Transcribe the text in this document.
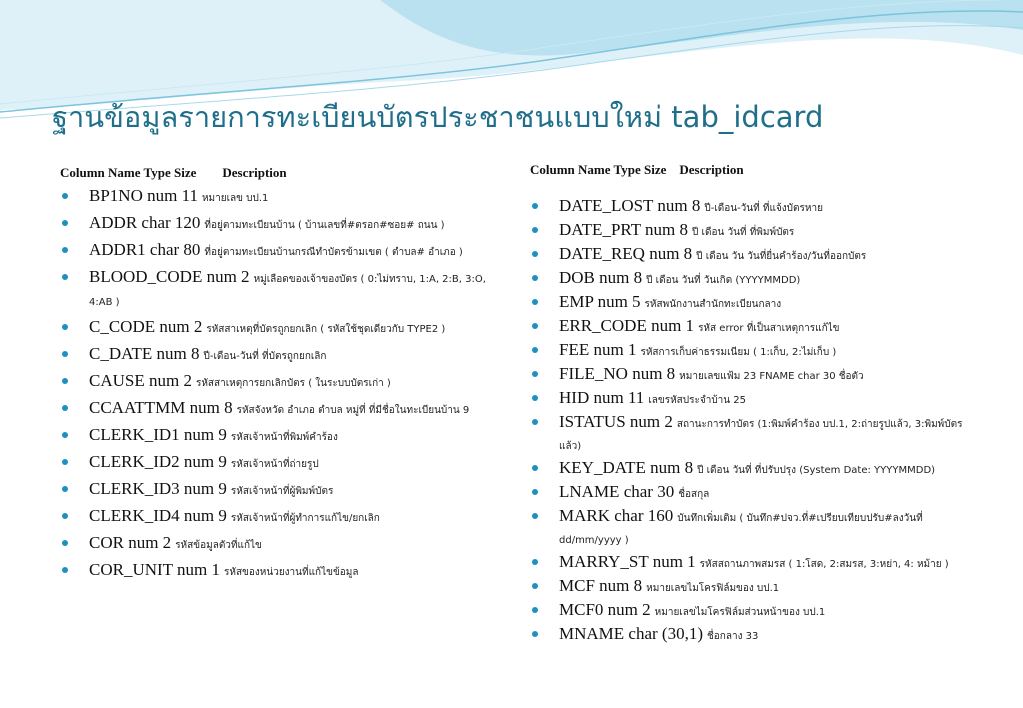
ฐานข้อมูลรายการทะเบียนบัตรประชาชนแบบใหม่ tab_idcard
Column Name Type Size        Description
BP1NO num 11 หมายเลข บป.1
ADDR char 120 ที่อยู่ตามทะเบียนบ้าน ( บ้านเลขที่#ตรอก#ซอย# ถนน )
ADDR1 char 80 ที่อยู่ตามทะเบียนบ้านกรณีทำบัตรข้ามเขต ( ตำบล# อำเภอ )
BLOOD_CODE num 2 หมู่เลือดของเจ้าของบัตร ( 0:ไม่ทราบ, 1:A, 2:B, 3:O, 4:AB )
C_CODE num 2 รหัสสาเหตุที่บัตรถูกยกเลิก ( รหัสใช้ชุดเดียวกับ TYPE2 )
C_DATE num 8 ปี-เดือน-วันที่ ที่บัตรถูกยกเลิก
CAUSE num 2 รหัสสาเหตุการยกเลิกบัตร ( ในระบบบัตรเก่า )
CCAATTMM num 8 รหัสจังหวัด อำเภอ ตำบล หมู่ที่ ที่มีชื่อในทะเบียนบ้าน 9
CLERK_ID1 num 9 รหัสเจ้าหน้าที่พิมพ์คำร้อง
CLERK_ID2 num 9 รหัสเจ้าหน้าที่ถ่ายรูป
CLERK_ID3 num 9 รหัสเจ้าหน้าที่ผู้พิมพ์บัตร
CLERK_ID4 num 9 รหัสเจ้าหน้าที่ผู้ทำการแก้ไข/ยกเลิก
COR num 2 รหัสข้อมูลตัวที่แก้ไข
COR_UNIT num 1 รหัสของหน่วยงานที่แก้ไขข้อมูล
Column Name Type Size    Description
DATE_LOST num 8 ปี-เดือน-วันที่ ที่แจ้งบัตรหาย
DATE_PRT num 8 ปี เดือน วันที่ ที่พิมพ์บัตร
DATE_REQ num 8 ปี เดือน วัน วันที่ยื่นคำร้อง/วันที่ออกบัตร
DOB num 8 ปี เดือน วันที่ วันเกิด (YYYYMMDD)
EMP num 5 รหัสพนักงานสำนักทะเบียนกลาง
ERR_CODE num 1 รหัส error ที่เป็นสาเหตุการแก้ไข
FEE num 1 รหัสการเก็บค่าธรรมเนียม ( 1:เก็บ, 2:ไม่เก็บ )
FILE_NO num 8 หมายเลขแฟ้ม 23 FNAME char 30 ชื่อตัว
HID num 11 เลขรหัสประจำบ้าน 25
ISTATUS num 2 สถานะการทำบัตร (1:พิมพ์คำร้อง บป.1, 2:ถ่ายรูปแล้ว, 3:พิมพ์บัตรแล้ว)
KEY_DATE num 8 ปี เดือน วันที่ ที่ปรับปรุง (System Date: YYYYMMDD)
LNAME char 30 ชื่อสกุล
MARK char 160 บันทึกเพิ่มเติม ( บันทึก#ปจว.ที่#เปรียบเทียบปรับ#ลงวันที่ dd/mm/yyyy )
MARRY_ST num 1 รหัสสถานภาพสมรส ( 1:โสด, 2:สมรส, 3:หย่า, 4: หม้าย )
MCF num 8 หมายเลขไมโครฟิล์มของ บป.1
MCF0 num 2 หมายเลขไมโครฟิล์มส่วนหน้าของ บป.1
MNAME char (30,1) ชื่อกลาง 33
